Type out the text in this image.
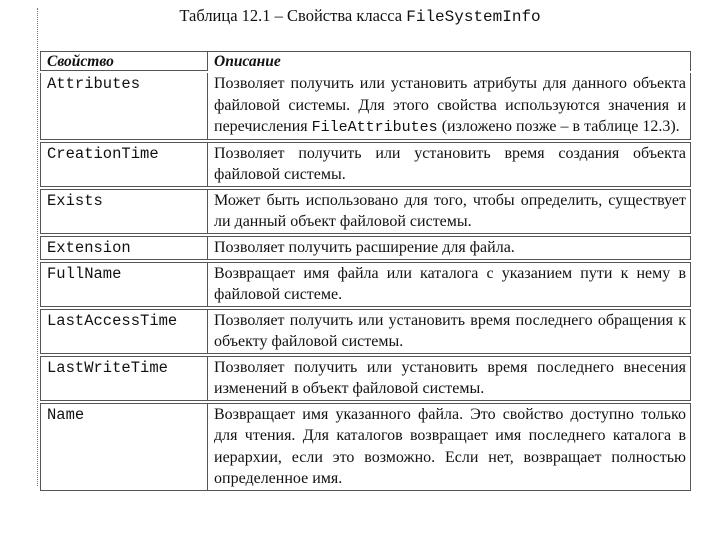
Таблица 12.1 – Свойства класса FileSystemInfo
Свойство	Описание
Attributes	Позволяет получить или установить атрибуты для данного объекта файловой системы. Для этого свойства используются значения и перечисления FileAttributes (изложено позже – в таблице 12.3).
CreationTime	Позволяет получить или установить время создания объекта файловой системы.
Exists	Может быть использовано для того, чтобы определить, существует ли данный объект файловой системы.
Extension	Позволяет получить расширение для файла.
FullName	Возвращает имя файла или каталога с указанием пути к нему в файловой системе.
LastAccessTime	Позволяет получить или установить время последнего обращения к объекту файловой системы.
LastWriteTime	Позволяет получить или установить время последнего внесения изменений в объект файловой системы.
Name	Возвращает имя указанного файла. Это свойство доступно только для чтения. Для каталогов возвращает имя последнего каталога в иерархии, если это возможно. Если нет, возвращает полностью определенное имя.
